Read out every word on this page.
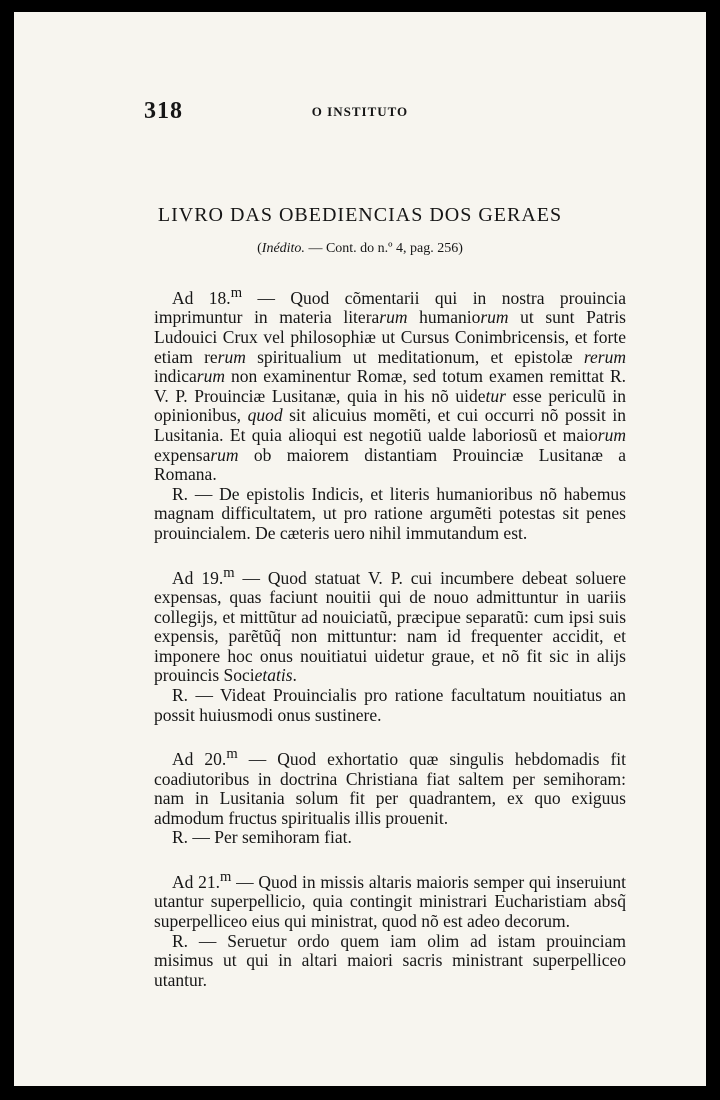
318	O INSTITUTO
LIVRO DAS OBEDIENCIAS DOS GERAES
(Inédito. — Cont. do n.º 4, pag. 256)

Ad 18.$^m$ — Quod cõmentarii qui in nostra prouincia imprimuntur in materia literarum humaniorum ut sunt Patris Ludouici Crux vel philosophiæ ut Cursus Conimbricensis, et forte etiam rerum spiritualium ut meditationum, et epistolæ rerum indicarum non examinentur Romæ, sed totum examen remittat R. V. P. Prouinciæ Lusitanæ, quia in his nõ uidetur esse periculũ in opinionibus, quod sit alicuius momẽti, et cui occurri nõ possit in Lusitania. Et quia alioqui est negotiũ ualde laboriosũ et maiorum expensarum ob maiorem distantiam Prouinciæ Lusitanæ a Romana.

R. — De epistolis Indicis, et literis humanioribus nõ habemus magnam difficultatem, ut pro ratione argumẽti potestas sit penes prouincialem. De cæteris uero nihil immutandum est.

Ad 19.$^m$ — Quod statuat V. P. cui incumbere debeat soluere expensas, quas faciunt nouitii qui de nouo admittuntur in uariis collegijs, et mittũtur ad nouiciatũ, præcipue separatũ: cum ipsi suis expensis, parẽtũq̃ non mittuntur: nam id frequenter accidit, et imponere hoc onus nouitiatui uidetur graue, et nõ fit sic in alijs prouincis Societatis.

R. — Videat Prouincialis pro ratione facultatum nouitiatus an possit huiusmodi onus sustinere.

Ad 20.$^m$ — Quod exhortatio quæ singulis hebdomadis fit coadiutoribus in doctrina Christiana fiat saltem per semihoram: nam in Lusitania solum fit per quadrantem, ex quo exiguus admodum fructus spiritualis illis prouenit.

R. — Per semihoram fiat.

Ad 21.$^m$ — Quod in missis altaris maioris semper qui inseruiunt utantur superpellicio, quia contingit ministrari Eucharistiam absq̃ superpelliceo eius qui ministrat, quod nõ est adeo decorum.

R. — Seruetur ordo quem iam olim ad istam prouinciam misimus ut qui in altari maiori sacris ministrant superpelliceo utantur.
